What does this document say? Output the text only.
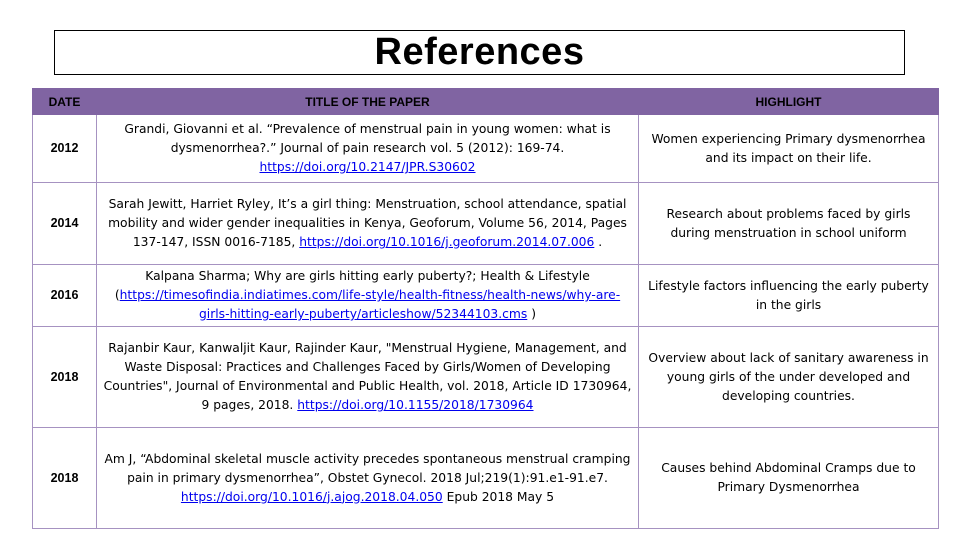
References
DATE	TITLE OF THE PAPER	HIGHLIGHT
2012	Grandi, Giovanni et al. “Prevalence of menstrual pain in young women: what is dysmenorrhea?.” Journal of pain research vol. 5 (2012): 169-74. https://doi.org/10.2147/JPR.S30602	Women experiencing Primary dysmenorrhea and its impact on their life.
2014	Sarah Jewitt, Harriet Ryley, It’s a girl thing: Menstruation, school attendance, spatial mobility and wider gender inequalities in Kenya, Geoforum, Volume 56, 2014, Pages 137-147, ISSN 0016-7185, https://doi.org/10.1016/j.geoforum.2014.07.006 .	Research about problems faced by girls during menstruation in school uniform
2016	Kalpana Sharma; Why are girls hitting early puberty?; Health & Lifestyle (https://timesofindia.indiatimes.com/life-style/health-fitness/health-news/why-are-girls-hitting-early-puberty/articleshow/52344103.cms )	Lifestyle factors influencing the early puberty in the girls
2018	Rajanbir Kaur, Kanwaljit Kaur, Rajinder Kaur, "Menstrual Hygiene, Management, and Waste Disposal: Practices and Challenges Faced by Girls/Women of Developing Countries", Journal of Environmental and Public Health, vol. 2018, Article ID 1730964, 9 pages, 2018. https://doi.org/10.1155/2018/1730964	Overview about lack of sanitary awareness in young girls of the under developed and developing countries.
2018	Am J, “Abdominal skeletal muscle activity precedes spontaneous menstrual cramping pain in primary dysmenorrhea”, Obstet Gynecol. 2018 Jul;219(1):91.e1-91.e7. https://doi.org/10.1016/j.ajog.2018.04.050 Epub 2018 May 5	Causes behind Abdominal Cramps due to Primary Dysmenorrhea
